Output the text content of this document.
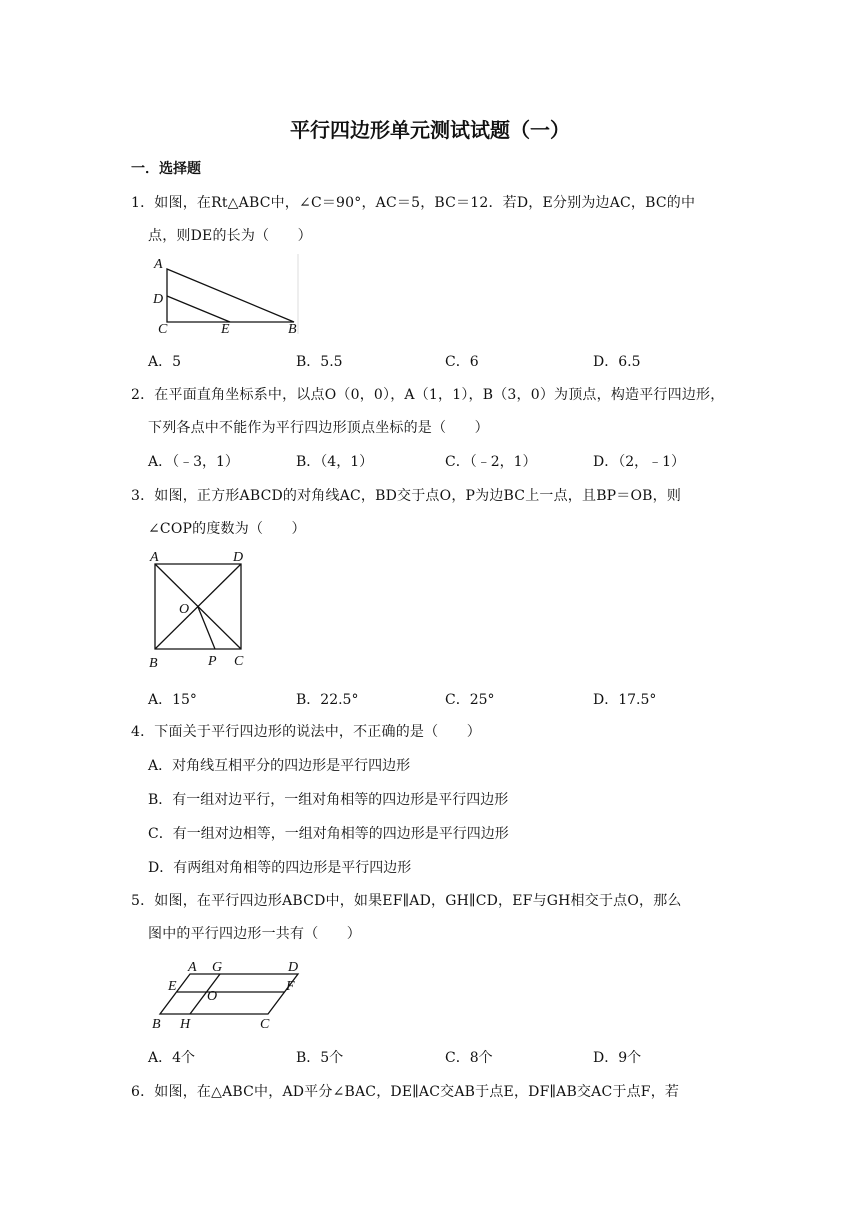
平行四边形单元测试试题（一）
一．选择题
1．如图，在Rt△ABC中，∠C＝90°，AC＝5，BC＝12．若D，E分别为边AC，BC的中
点，则DE的长为（　　）
A
D
C	E	B
A．5	B．5.5	C．6	D．6.5
2．在平面直角坐标系中，以点O（0，0），A（1，1），B（3，0）为顶点，构造平行四边形，
下列各点中不能作为平行四边形顶点坐标的是（　　）
A．（﹣3，1）	B．（4，1）	C．（﹣2，1）	D．（2，﹣1）
3．如图，正方形ABCD的对角线AC，BD交于点O，P为边BC上一点，且BP＝OB，则
∠COP的度数为（　　）
A	D
O
B	P C
A．15°	B．22.5°	C．25°	D．17.5°
4．下面关于平行四边形的说法中，不正确的是（　　）
A．对角线互相平分的四边形是平行四边形
B．有一组对边平行，一组对角相等的四边形是平行四边形
C．有一组对边相等，一组对角相等的四边形是平行四边形
D．有两组对角相等的四边形是平行四边形
5．如图，在平行四边形ABCD中，如果EF∥AD，GH∥CD，EF与GH相交于点O，那么
图中的平行四边形一共有（　　）
A G	D
E
O
F
B H	C
A．4个	B．5个	C．8个	D．9个
6．如图，在△ABC中，AD平分∠BAC，DE∥AC交AB于点E，DF∥AB交AC于点F，若
